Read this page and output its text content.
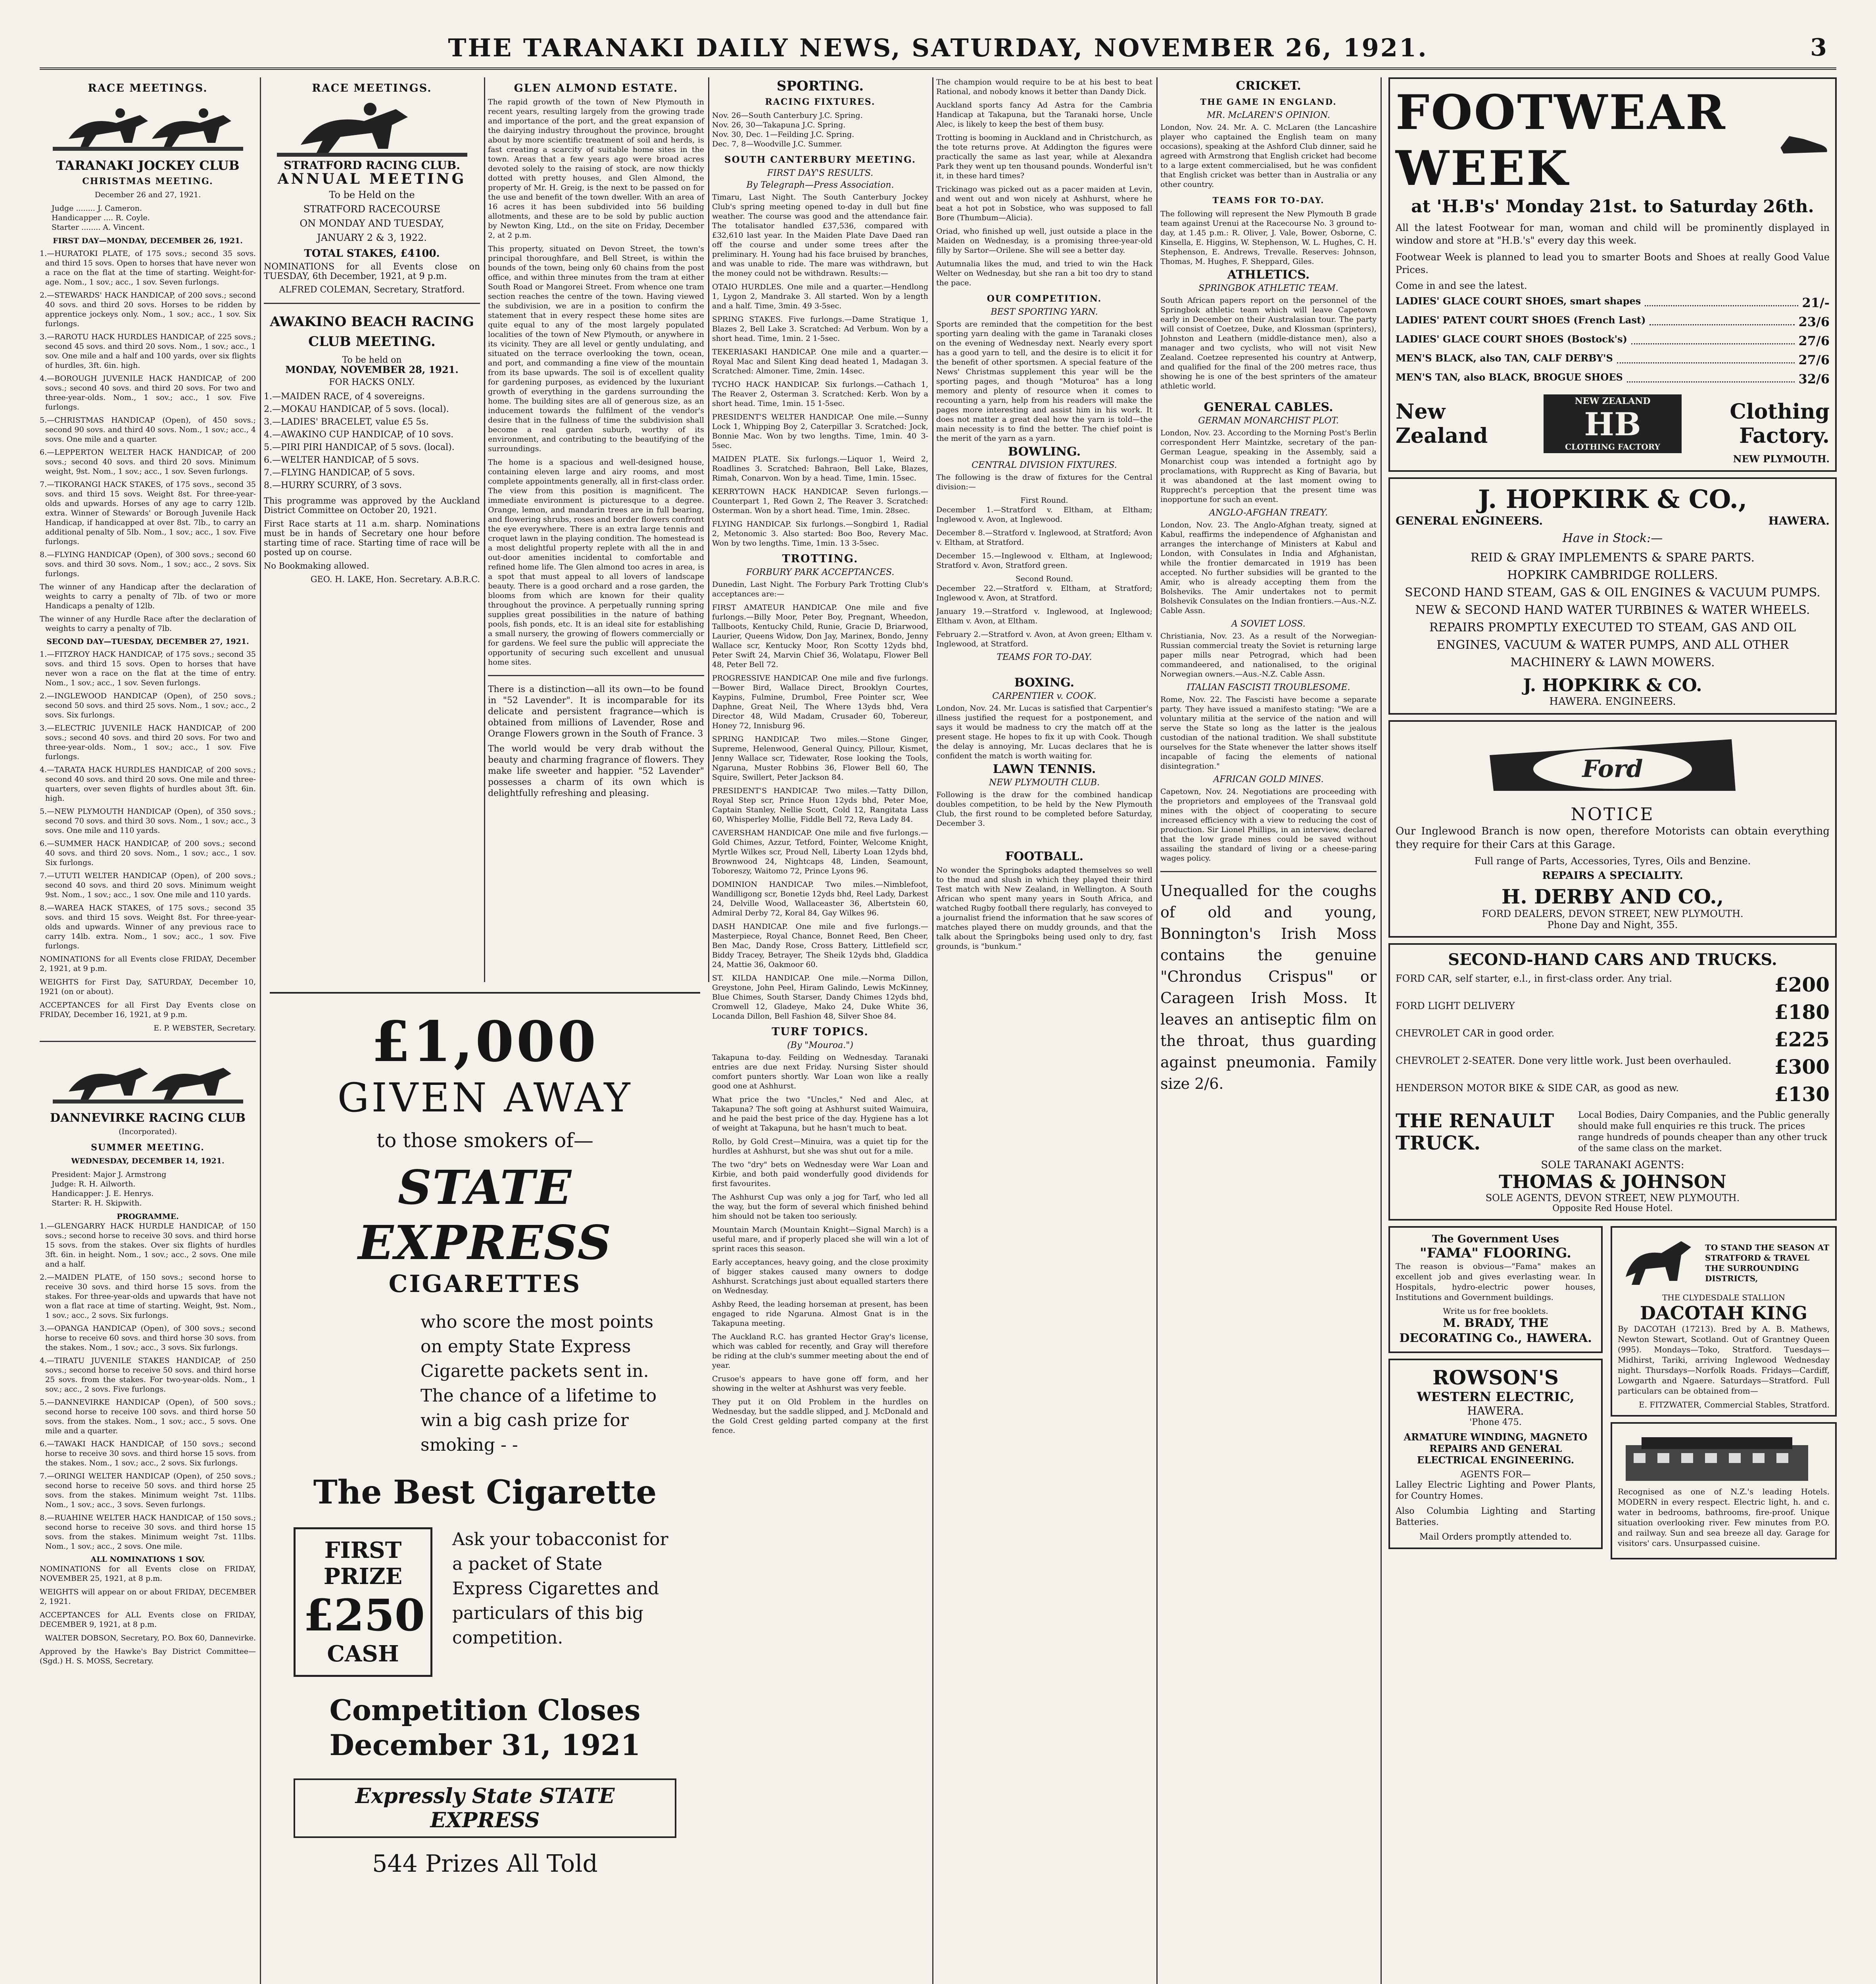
THE TARANAKI DAILY NEWS, SATURDAY, NOVEMBER 26, 1921.	3
RACE MEETINGS.
TARANAKI JOCKEY CLUB
CHRISTMAS MEETING.
December 26 and 27, 1921.
Judge ........ J. Cameron.
Handicapper .... R. Coyle.
Starter ........ A. Vincent.
FIRST DAY—MONDAY, DECEMBER 26, 1921.
1.—HURATOKI PLATE, of 175 sovs.; second 35 sovs. and third 15 sovs. Open to horses that have never won a race on the flat at the time of starting. Weight-for-age. Nom., 1 sov.; acc., 1 sov. Seven furlongs.
2.—STEWARDS' HACK HANDICAP, of 200 sovs.; second 40 sovs. and third 20 sovs. Horses to be ridden by apprentice jockeys only. Nom., 1 sov.; acc., 1 sov. Six furlongs.
3.—RAROTU HACK HURDLES HANDICAP, of 225 sovs.; second 45 sovs. and third 20 sovs. Nom., 1 sov.; acc., 1 sov. One mile and a half and 100 yards, over six flights of hurdles, 3ft. 6in. high.
4.—BOROUGH JUVENILE HACK HANDICAP, of 200 sovs.; second 40 sovs. and third 20 sovs. For two and three-year-olds. Nom., 1 sov.; acc., 1 sov. Five furlongs.
5.—CHRISTMAS HANDICAP (Open), of 450 sovs.; second 90 sovs. and third 40 sovs. Nom., 1 sov.; acc., 4 sovs. One mile and a quarter.
6.—LEPPERTON WELTER HACK HANDICAP, of 200 sovs.; second 40 sovs. and third 20 sovs. Minimum weight, 9st. Nom., 1 sov.; acc., 1 sov. Seven furlongs.
7.—TIKORANGI HACK STAKES, of 175 sovs., second 35 sovs. and third 15 sovs. Weight 8st. For three-year-olds and upwards. Horses of any age to carry 12lb. extra. Winner of Stewards' or Borough Juvenile Hack Handicap, if handicapped at over 8st. 7lb., to carry an additional penalty of 5lb. Nom., 1 sov.; acc., 1 sov. Five furlongs.
8.—FLYING HANDICAP (Open), of 300 sovs.; second 60 sovs. and third 30 sovs. Nom., 1 sov.; acc., 2 sovs. Six furlongs.
The winner of any Handicap after the declaration of weights to carry a penalty of 7lb. of two or more Handicaps a penalty of 12lb.
The winner of any Hurdle Race after the declaration of weights to carry a penalty of 7lb.
SECOND DAY—TUESDAY, DECEMBER 27, 1921.
1.—FITZROY HACK HANDICAP, of 175 sovs.; second 35 sovs. and third 15 sovs. Open to horses that have never won a race on the flat at the time of entry. Nom., 1 sov.; acc., 1 sov. Seven furlongs.
2.—INGLEWOOD HANDICAP (Open), of 250 sovs.; second 50 sovs. and third 25 sovs. Nom., 1 sov.; acc., 2 sovs. Six furlongs.
3.—ELECTRIC JUVENILE HACK HANDICAP, of 200 sovs.; second 40 sovs. and third 20 sovs. For two and three-year-olds. Nom., 1 sov.; acc., 1 sov. Five furlongs.
4.—TARATA HACK HURDLES HANDICAP, of 200 sovs.; second 40 sovs. and third 20 sovs. One mile and three-quarters, over seven flights of hurdles about 3ft. 6in. high.
5.—NEW PLYMOUTH HANDICAP (Open), of 350 sovs.; second 70 sovs. and third 30 sovs. Nom., 1 sov.; acc., 3 sovs. One mile and 110 yards.
6.—SUMMER HACK HANDICAP, of 200 sovs.; second 40 sovs. and third 20 sovs. Nom., 1 sov.; acc., 1 sov. Six furlongs.
7.—UTUTI WELTER HANDICAP (Open), of 200 sovs.; second 40 sovs. and third 20 sovs. Minimum weight 9st. Nom., 1 sov.; acc., 1 sov. One mile and 110 yards.
8.—WAREA HACK STAKES, of 175 sovs.; second 35 sovs. and third 15 sovs. Weight 8st. For three-year-olds and upwards. Winner of any previous race to carry 14lb. extra. Nom., 1 sov.; acc., 1 sov. Five furlongs.

NOMINATIONS for all Events close FRIDAY, December 2, 1921, at 9 p.m.

WEIGHTS for First Day, SATURDAY, December 10, 1921 (on or about).

ACCEPTANCES for all First Day Events close on FRIDAY, December 16, 1921, at 9 p.m.

E. P. WEBSTER, Secretary.

DANNEVIRKE RACING CLUB
(Incorporated).
SUMMER MEETING.
WEDNESDAY, DECEMBER 14, 1921.
President: Major J. Armstrong
Judge: R. H. Ailworth.
Handicapper: J. E. Henrys.
Starter: R. H. Skipwith.
PROGRAMME.
1.—GLENGARRY HACK HURDLE HANDICAP, of 150 sovs.; second horse to receive 30 sovs. and third horse 15 sovs. from the stakes. Over six flights of hurdles 3ft. 6in. in height. Nom., 1 sov.; acc., 2 sovs. One mile and a half.
2.—MAIDEN PLATE, of 150 sovs.; second horse to receive 30 sovs. and third horse 15 sovs. from the stakes. For three-year-olds and upwards that have not won a flat race at time of starting. Weight, 9st. Nom., 1 sov.; acc., 2 sovs. Six furlongs.
3.—OPANGA HANDICAP (Open), of 300 sovs.; second horse to receive 60 sovs. and third horse 30 sovs. from the stakes. Nom., 1 sov.; acc., 3 sovs. Six furlongs.
4.—TIRATU JUVENILE STAKES HANDICAP, of 250 sovs.; second horse to receive 50 sovs. and third horse 25 sovs. from the stakes. For two-year-olds. Nom., 1 sov.; acc., 2 sovs. Five furlongs.
5.—DANNEVIRKE HANDICAP (Open), of 500 sovs.; second horse to receive 100 sovs. and third horse 50 sovs. from the stakes. Nom., 1 sov.; acc., 5 sovs. One mile and a quarter.
6.—TAWAKI HACK HANDICAP, of 150 sovs.; second horse to receive 30 sovs. and third horse 15 sovs. from the stakes. Nom., 1 sov.; acc., 2 sovs. Six furlongs.
7.—ORINGI WELTER HANDICAP (Open), of 250 sovs.; second horse to receive 50 sovs. and third horse 25 sovs. from the stakes. Minimum weight 7st. 11lbs. Nom., 1 sov.; acc., 3 sovs. Seven furlongs.
8.—RUAHINE WELTER HACK HANDICAP, of 150 sovs.; second horse to receive 30 sovs. and third horse 15 sovs. from the stakes. Minimum weight 7st. 11lbs. Nom., 1 sov.; acc., 2 sovs. One mile.
ALL NOMINATIONS 1 SOV.

NOMINATIONS for all Events close on FRIDAY, NOVEMBER 25, 1921, at 8 p.m.

WEIGHTS will appear on or about FRIDAY, DECEMBER 2, 1921.

ACCEPTANCES for ALL Events close on FRIDAY, DECEMBER 9, 1921, at 8 p.m.

WALTER DOBSON, Secretary, P.O. Box 60, Dannevirke.

Approved by the Hawke's Bay District Committee—(Sgd.) H. S. MOSS, Secretary.

RACE MEETINGS.
STRATFORD RACING CLUB.
ANNUAL MEETING
To be Held on the
STRATFORD RACECOURSE
ON MONDAY AND TUESDAY,
JANUARY 2 & 3, 1922.
TOTAL STAKES, £4100.

NOMINATIONS for all Events close on TUESDAY, 6th December, 1921, at 9 p.m.

ALFRED COLEMAN, Secretary, Stratford.
AWAKINO BEACH RACING CLUB MEETING.
To be held on
MONDAY, NOVEMBER 28, 1921.
FOR HACKS ONLY.
1.—MAIDEN RACE, of 4 sovereigns.
2.—MOKAU HANDICAP, of 5 sovs. (local).
3.—LADIES' BRACELET, value £5 5s.
4.—AWAKINO CUP HANDICAP, of 10 sovs.
5.—PIRI PIRI HANDICAP, of 5 sovs. (local).
6.—WELTER HANDICAP, of 5 sovs.
7.—FLYING HANDICAP, of 5 sovs.
8.—HURRY SCURRY, of 3 sovs.

This programme was approved by the Auckland District Committee on October 20, 1921.

First Race starts at 11 a.m. sharp. Nominations must be in hands of Secretary one hour before starting time of race. Starting time of race will be posted up on course.

No Bookmaking allowed.

GEO. H. LAKE, Hon. Secretary. A.B.R.C.

GLEN ALMOND ESTATE.

The rapid growth of the town of New Plymouth in recent years, resulting largely from the growing trade and importance of the port, and the great expansion of the dairying industry throughout the province, brought about by more scientific treatment of soil and herds, is fast creating a scarcity of suitable home sites in the town. Areas that a few years ago were broad acres devoted solely to the raising of stock, are now thickly dotted with pretty houses, and Glen Almond, the property of Mr. H. Greig, is the next to be passed on for the use and benefit of the town dweller. With an area of 16 acres it has been subdivided into 56 building allotments, and these are to be sold by public auction by Newton King, Ltd., on the site on Friday, December 2, at 2 p.m.

This property, situated on Devon Street, the town's principal thoroughfare, and Bell Street, is within the bounds of the town, being only 60 chains from the post office, and within three minutes from the tram at either South Road or Mangorei Street. From whence one tram section reaches the centre of the town. Having viewed the subdivision, we are in a position to confirm the statement that in every respect these home sites are quite equal to any of the most largely populated localities of the town of New Plymouth, or anywhere in its vicinity. They are all level or gently undulating, and situated on the terrace overlooking the town, ocean, and port, and commanding a fine view of the mountain from its base upwards. The soil is of excellent quality for gardening purposes, as evidenced by the luxuriant growth of everything in the gardens surrounding the home. The building sites are all of generous size, as an inducement towards the fulfilment of the vendor's desire that in the fullness of time the subdivision shall become a real garden suburb, worthy of its environment, and contributing to the beautifying of the surroundings.

The home is a spacious and well-designed house, containing eleven large and airy rooms, and most complete appointments generally, all in first-class order. The view from this position is magnificent. The immediate environment is picturesque to a degree. Orange, lemon, and mandarin trees are in full bearing, and flowering shrubs, roses and border flowers confront the eye everywhere. There is an extra large tennis and croquet lawn in the playing condition. The homestead is a most delightful property replete with all the in and out-door amenities incidental to comfortable and refined home life. The Glen almond too acres in area, is a spot that must appeal to all lovers of landscape beauty. There is a good orchard and a rose garden, the blooms from which are known for their quality throughout the province. A perpetually running spring supplies great possibilities in the nature of bathing pools, fish ponds, etc. It is an ideal site for establishing a small nursery, the growing of flowers commercially or for gardens. We feel sure the public will appreciate the opportunity of securing such excellent and unusual home sites.

There is a distinction—all its own—to be found in "52 Lavender". It is incomparable for its delicate and persistent fragrance—which is obtained from millions of Lavender, Rose and Orange Flowers grown in the South of France. 3

The world would be very drab without the beauty and charming fragrance of flowers. They make life sweeter and happier. "52 Lavender" possesses a charm of its own which is delightfully refreshing and pleasing.

£1,000
GIVEN AWAY
to those smokers of—
STATE EXPRESS
CIGARETTES
who score the most points on empty State Express Cigarette packets sent in. The chance of a lifetime to win a big cash prize for smoking - -
The Best Cigarette
FIRST PRIZE
£250
CASH
Ask your tobacconist for a packet of State Express Cigarettes and particulars of this big competition.
Competition Closes December 31, 1921
Expressly State STATE EXPRESS
544 Prizes All Told
SPORTING.
RACING FIXTURES.
Nov. 26—South Canterbury J.C. Spring.
Nov. 26, 30—Takapuna J.C. Spring.
Nov. 30, Dec. 1—Feilding J.C. Spring.
Dec. 7, 8—Woodville J.C. Summer.
SOUTH CANTERBURY MEETING.
FIRST DAY'S RESULTS.
By Telegraph—Press Association.

Timaru, Last Night. The South Canterbury Jockey Club's spring meeting opened to-day in dull but fine weather. The course was good and the attendance fair. The totalisator handled £37,536, compared with £32,610 last year. In the Maiden Plate Dave Daed ran off the course and under some trees after the preliminary. H. Young had his face bruised by branches, and was unable to ride. The mare was withdrawn, but the money could not be withdrawn. Results:—

OTAIO HURDLES. One mile and a quarter.—Hendlong 1, Lygon 2, Mandrake 3. All started. Won by a length and a half. Time, 3min. 49 3-5sec.

SPRING STAKES. Five furlongs.—Dame Stratique 1, Blazes 2, Bell Lake 3. Scratched: Ad Verbum. Won by a short head. Time, 1min. 2 1-5sec.

TEKERIASAKI HANDICAP. One mile and a quarter.—Royal Mac and Silent King dead heated 1, Madagan 3. Scratched: Almoner. Time, 2min. 14sec.

TYCHO HACK HANDICAP. Six furlongs.—Cathach 1, The Reaver 2, Osterman 3. Scratched: Kerb. Won by a short head. Time, 1min. 15 1-5sec.

PRESIDENT'S WELTER HANDICAP. One mile.—Sunny Lock 1, Whipping Boy 2, Caterpillar 3. Scratched: Jock, Bonnie Mac. Won by two lengths. Time, 1min. 40 3-5sec.

MAIDEN PLATE. Six furlongs.—Liquor 1, Weird 2, Roadlines 3. Scratched: Bahraon, Bell Lake, Blazes, Rimah, Conarvon. Won by a head. Time, 1min. 15sec.

KERRYTOWN HACK HANDICAP. Seven furlongs.—Counterpart 1, Red Gown 2, The Reaver 3. Scratched: Osterman. Won by a short head. Time, 1min. 28sec.

FLYING HANDICAP. Six furlongs.—Songbird 1, Radial 2, Metonomic 3. Also started: Boo Boo, Revery Mac. Won by two lengths. Time, 1min. 13 3-5sec.

TROTTING.
FORBURY PARK ACCEPTANCES.

Dunedin, Last Night. The Forbury Park Trotting Club's acceptances are:—

FIRST AMATEUR HANDICAP. One mile and five furlongs.—Billy Moor, Peter Boy, Pregnant, Wheedon, Tallboots, Kentucky Child, Runie, Gracie D, Briarwood, Laurier, Queens Widow, Don Jay, Marinex, Bondo, Jenny Wallace scr, Kentucky Moor, Ron Scotty 12yds bhd, Peter Swift 24, Marvin Chief 36, Wolatapu, Flower Bell 48, Peter Bell 72.

PROGRESSIVE HANDICAP. One mile and five furlongs.—Bower Bird, Wallace Direct, Brooklyn Courtes, Kaypins, Fulmine, Drumbol, Free Pointer scr, Wee Daphne, Great Neil, The Where 13yds bhd, Vera Director 48, Wild Madam, Crusader 60, Tobereur, Honey 72, Innisburg 96.

SPRING HANDICAP. Two miles.—Stone Ginger, Supreme, Helenwood, General Quincy, Pillour, Kismet, Jenny Wallace scr, Tidewater, Rose looking the Tools, Ngaruna, Muster Robbins 36, Flower Bell 60, The Squire, Swillert, Peter Jackson 84.

PRESIDENT'S HANDICAP. Two miles.—Tatty Dillon, Royal Step scr, Prince Huon 12yds bhd, Peter Moe, Captain Stanley, Nellie Scott, Cold 12, Rangitata Lass 60, Whisperley Mollie, Fiddle Bell 72, Reva Lady 84.

CAVERSHAM HANDICAP. One mile and five furlongs.—Gold Chimes, Azzur, Tetford, Fointer, Welcome Knight, Myrtle Wilkes scr, Proud Nell, Liberty Loan 12yds bhd, Brownwood 24, Nightcaps 48, Linden, Seamount, Toboreszy, Waitomo 72, Prince Lyons 96.

DOMINION HANDICAP. Two miles.—Nimblefoot, Wandilligong scr, Bonetie 12yds bhd, Reel Lady, Darkest 24, Delville Wood, Wallaceaster 36, Albertstein 60, Admiral Derby 72, Koral 84, Gay Wilkes 96.

DASH HANDICAP. One mile and five furlongs.—Masterpiece, Royal Chance, Bonnet Reed, Ben Cheer, Ben Mac, Dandy Rose, Cross Battery, Littlefield scr, Biddy Tracey, Betrayer, The Sheik 12yds bhd, Gladdica 24, Mattie 36, Oakmoor 60.

ST. KILDA HANDICAP. One mile.—Norma Dillon, Greystone, John Peel, Hiram Galindo, Lewis McKinney, Blue Chimes, South Starser, Dandy Chimes 12yds bhd, Cromwell 12, Gladeye, Mako 24, Duke White 36, Locanda Dillon, Bell Fashion 48, Silver Shoe 84.

TURF TOPICS.
(By "Mouroa.")

Takapuna to-day. Feilding on Wednesday. Taranaki entries are due next Friday. Nursing Sister should comfort punters shortly. War Loan won like a really good one at Ashhurst.

What price the two "Uncles," Ned and Alec, at Takapuna? The soft going at Ashhurst suited Waimuira, and he paid the best price of the day. Hygiene has a lot of weight at Takapuna, but he hasn't much to beat.

Rollo, by Gold Crest—Minuira, was a quiet tip for the hurdles at Ashhurst, but she was shut out for a mile.

The two "dry" bets on Wednesday were War Loan and Kirbie, and both paid wonderfully good dividends for first favourites.

The Ashhurst Cup was only a jog for Tarf, who led all the way, but the form of several which finished behind him should not be taken too seriously.

Mountain March (Mountain Knight—Signal March) is a useful mare, and if properly placed she will win a lot of sprint races this season.

Early acceptances, heavy going, and the close proximity of bigger stakes caused many owners to dodge Ashhurst. Scratchings just about equalled starters there on Wednesday.

Ashby Reed, the leading horseman at present, has been engaged to ride Ngaruna. Almost Gnat is in the Takapuna meeting.

The Auckland R.C. has granted Hector Gray's license, which was cabled for recently, and Gray will therefore be riding at the club's summer meeting about the end of year.

Crusoe's appears to have gone off form, and her showing in the welter at Ashhurst was very feeble.

They put it on Old Problem in the hurdles on Wednesday, but the saddle slipped, and J. McDonald and the Gold Crest gelding parted company at the first fence.

The champion would require to be at his best to beat Rational, and nobody knows it better than Dandy Dick.

Auckland sports fancy Ad Astra for the Cambria Handicap at Takapuna, but the Taranaki horse, Uncle Alec, is likely to keep the best of them busy.

Trotting is booming in Auckland and in Christchurch, as the tote returns prove. At Addington the figures were practically the same as last year, while at Alexandra Park they went up ten thousand pounds. Wonderful isn't it, in these hard times?

Trickinago was picked out as a pacer maiden at Levin, and went out and won nicely at Ashhurst, where he beat a hot pot in Sobstice, who was supposed to fall Bore (Thumbum—Alicia).

Oriad, who finished up well, just outside a place in the Maiden on Wednesday, is a promising three-year-old filly by Sartor—Orilene. She will see a better day.

Autumnalia likes the mud, and tried to win the Hack Welter on Wednesday, but she ran a bit too dry to stand the pace.

OUR COMPETITION.
BEST SPORTING YARN.

Sports are reminded that the competition for the best sporting yarn dealing with the game in Taranaki closes on the evening of Wednesday next. Nearly every sport has a good yarn to tell, and the desire is to elicit it for the benefit of other sportsmen. A special feature of the News' Christmas supplement this year will be the sporting pages, and though "Moturoa" has a long memory and plenty of resource when it comes to recounting a yarn, help from his readers will make the pages more interesting and assist him in his work. It does not matter a great deal how the yarn is told—the main necessity is to find the better. The chief point is the merit of the yarn as a yarn.

BOWLING.
CENTRAL DIVISION FIXTURES.

The following is the draw of fixtures for the Central division:—

First Round.

December 1.—Stratford v. Eltham, at Eltham; Inglewood v. Avon, at Inglewood.

December 8.—Stratford v. Inglewood, at Stratford; Avon v. Eltham, at Stratford.

December 15.—Inglewood v. Eltham, at Inglewood; Stratford v. Avon, Stratford green.

Second Round.

December 22.—Stratford v. Eltham, at Stratford; Inglewood v. Avon, at Stratford.

January 19.—Stratford v. Inglewood, at Inglewood; Eltham v. Avon, at Eltham.

February 2.—Stratford v. Avon, at Avon green; Eltham v. Inglewood, at Stratford.

TEAMS FOR TO-DAY.
BOXING.
CARPENTIER v. COOK.

London, Nov. 24. Mr. Lucas is satisfied that Carpentier's illness justified the request for a postponement, and says it would be madness to cry the match off at the present stage. He hopes to fix it up with Cook. Though the delay is annoying, Mr. Lucas declares that he is confident the match is worth waiting for.

LAWN TENNIS.
NEW PLYMOUTH CLUB.

Following is the draw for the combined handicap doubles competition, to be held by the New Plymouth Club, the first round to be completed before Saturday, December 3.

FOOTBALL.

No wonder the Springboks adapted themselves so well to the mud and slush in which they played their third Test match with New Zealand, in Wellington. A South African who spent many years in South Africa, and watched Rugby football there regularly, has conveyed to a journalist friend the information that he saw scores of matches played there on muddy grounds, and that the talk about the Springboks being used only to dry, fast grounds, is "bunkum."

CRICKET.
THE GAME IN ENGLAND.
MR. McLAREN'S OPINION.

London, Nov. 24. Mr. A. C. McLaren (the Lancashire player who captained the English team on many occasions), speaking at the Ashford Club dinner, said he agreed with Armstrong that English cricket had become to a large extent commercialised, but he was confident that English cricket was better than in Australia or any other country.

TEAMS FOR TO-DAY.

The following will represent the New Plymouth B grade team against Urenui at the Racecourse No. 3 ground to-day, at 1.45 p.m.: R. Oliver, J. Vale, Bower, Osborne, C. Kinsella, E. Higgins, W. Stephenson, W. L. Hughes, C. H. Stephenson, E. Andrews, Trevalle. Reserves: Johnson, Thomas, M. Hughes, F. Sheppard, Giles.

ATHLETICS.
SPRINGBOK ATHLETIC TEAM.

South African papers report on the personnel of the Springbok athletic team which will leave Capetown early in December on their Australasian tour. The party will consist of Coetzee, Duke, and Klossman (sprinters), Johnston and Leathern (middle-distance men), also a manager and two cyclists, who will not visit New Zealand. Coetzee represented his country at Antwerp, and qualified for the final of the 200 metres race, thus showing he is one of the best sprinters of the amateur athletic world.

GENERAL CABLES.
GERMAN MONARCHIST PLOT.

London, Nov. 23. According to the Morning Post's Berlin correspondent Herr Maintzke, secretary of the pan-German League, speaking in the Assembly, said a Monarchist coup was intended a fortnight ago by proclamations, with Rupprecht as King of Bavaria, but it was abandoned at the last moment owing to Rupprecht's perception that the present time was inopportune for such an event.

ANGLO-AFGHAN TREATY.

London, Nov. 23. The Anglo-Afghan treaty, signed at Kabul, reaffirms the independence of Afghanistan and arranges the interchange of Ministers at Kabul and London, with Consulates in India and Afghanistan, while the frontier demarcated in 1919 has been accepted. No further subsidies will be granted to the Amir, who is already accepting them from the Bolsheviks. The Amir undertakes not to permit Bolshevik Consulates on the Indian frontiers.—Aus.-N.Z. Cable Assn.

A SOVIET LOSS.

Christiania, Nov. 23. As a result of the Norwegian-Russian commercial treaty the Soviet is returning large paper mills near Petrograd, which had been commandeered, and nationalised, to the original Norwegian owners.—Aus.-N.Z. Cable Assn.

ITALIAN FASCISTI TROUBLESOME.

Rome, Nov. 22. The Fascisti have become a separate party. They have issued a manifesto stating: "We are a voluntary militia at the service of the nation and will serve the State so long as the latter is the jealous custodian of the national tradition. We shall substitute ourselves for the State whenever the latter shows itself incapable of facing the elements of national disintegration."

AFRICAN GOLD MINES.

Capetown, Nov. 24. Negotiations are proceeding with the proprietors and employees of the Transvaal gold mines with the object of cooperating to secure increased efficiency with a view to reducing the cost of production. Sir Lionel Phillips, in an interview, declared that the low grade mines could be saved without assailing the standard of living or a cheese-paring wages policy.

Unequalled for the coughs of old and young, Bonnington's Irish Moss contains the genuine "Chrondus Crispus" or Carageen Irish Moss. It leaves an antiseptic film on the throat, thus guarding against pneumonia. Family size 2/6.
FOOTWEAR WEEK
at 'H.B's' Monday 21st. to Saturday 26th.

All the latest Footwear for man, woman and child will be prominently displayed in window and store at "H.B.'s" every day this week.

Footwear Week is planned to lead you to smarter Boots and Shoes at really Good Value Prices.

Come in and see the latest.
LADIES' GLACE COURT SHOES, smart shapes	21/-
LADIES' PATENT COURT SHOES (French Last)	23/6
LADIES' GLACE COURT SHOES (Bostock's)	27/6
MEN'S BLACK, also TAN, CALF DERBY'S	27/6
MEN'S TAN, also BLACK, BROGUE SHOES	32/6
New Zealand
NEW ZEALAND
HB
CLOTHING FACTORY
Clothing Factory.
NEW PLYMOUTH.
J. HOPKIRK & CO.,
GENERAL ENGINEERS.	HAWERA.
Have in Stock:—
REID & GRAY IMPLEMENTS & SPARE PARTS.
HOPKIRK CAMBRIDGE ROLLERS.
SECOND HAND STEAM, GAS & OIL ENGINES & VACUUM PUMPS.
NEW & SECOND HAND WATER TURBINES & WATER WHEELS.
REPAIRS PROMPTLY EXECUTED TO STEAM, GAS AND OIL ENGINES, VACUUM & WATER PUMPS, AND ALL OTHER MACHINERY & LAWN MOWERS.
J. HOPKIRK & CO.
HAWERA. ENGINEERS.
Ford
NOTICE

Our Inglewood Branch is now open, therefore Motorists can obtain everything they require for their Cars at this Garage.

Full range of Parts, Accessories, Tyres, Oils and Benzine.
REPAIRS A SPECIALITY.
H. DERBY AND CO.,
FORD DEALERS, DEVON STREET, NEW PLYMOUTH.
Phone Day and Night, 355.
SECOND-HAND CARS AND TRUCKS.
FORD CAR, self starter, e.l., in first-class order. Any trial.	£200
FORD LIGHT DELIVERY	£180
CHEVROLET CAR in good order.	£225
CHEVROLET 2-SEATER. Done very little work. Just been overhauled. £300
HENDERSON MOTOR BIKE & SIDE CAR, as good as new.	£130
THE RENAULT TRUCK.
Local Bodies, Dairy Companies, and the Public generally should make full enquiries re this truck. The prices range hundreds of pounds cheaper than any other truck of the same class on the market.
SOLE TARANAKI AGENTS:
THOMAS & JOHNSON
SOLE AGENTS, DEVON STREET, NEW PLYMOUTH.
Opposite Red House Hotel.
The Government Uses
"FAMA" FLOORING.

The reason is obvious—"Fama" makes an excellent job and gives everlasting wear. In Hospitals, hydro-electric power houses, Institutions and Government buildings.

Write us for free booklets.
M. BRADY, THE DECORATING Co., HAWERA.
ROWSON'S
WESTERN ELECTRIC,
HAWERA.
'Phone 475.
ARMATURE WINDING, MAGNETO REPAIRS AND GENERAL ELECTRICAL ENGINEERING.
AGENTS FOR—

Lalley Electric Lighting and Power Plants, for Country Homes.

Also Columbia Lighting and Starting Batteries.

Mail Orders promptly attended to.
TO STAND THE SEASON AT STRATFORD & TRAVEL THE SURROUNDING DISTRICTS,
THE CLYDESDALE STALLION
DACOTAH KING

By DACOTAH (17213). Bred by A. B. Mathews, Newton Stewart, Scotland. Out of Grantney Queen (995). Mondays—Toko, Stratford. Tuesdays—Midhirst, Tariki, arriving Inglewood Wednesday night. Thursdays—Norfolk Roads. Fridays—Cardiff, Lowgarth and Ngaere. Saturdays—Stratford. Full particulars can be obtained from—

E. FITZWATER, Commercial Stables, Stratford.

Recognised as one of N.Z.'s leading Hotels. MODERN in every respect. Electric light, h. and c. water in bedrooms, bathrooms, fire-proof. Unique situation overlooking river. Few minutes from P.O. and railway. Sun and sea breeze all day. Garage for visitors' cars. Unsurpassed cuisine.
